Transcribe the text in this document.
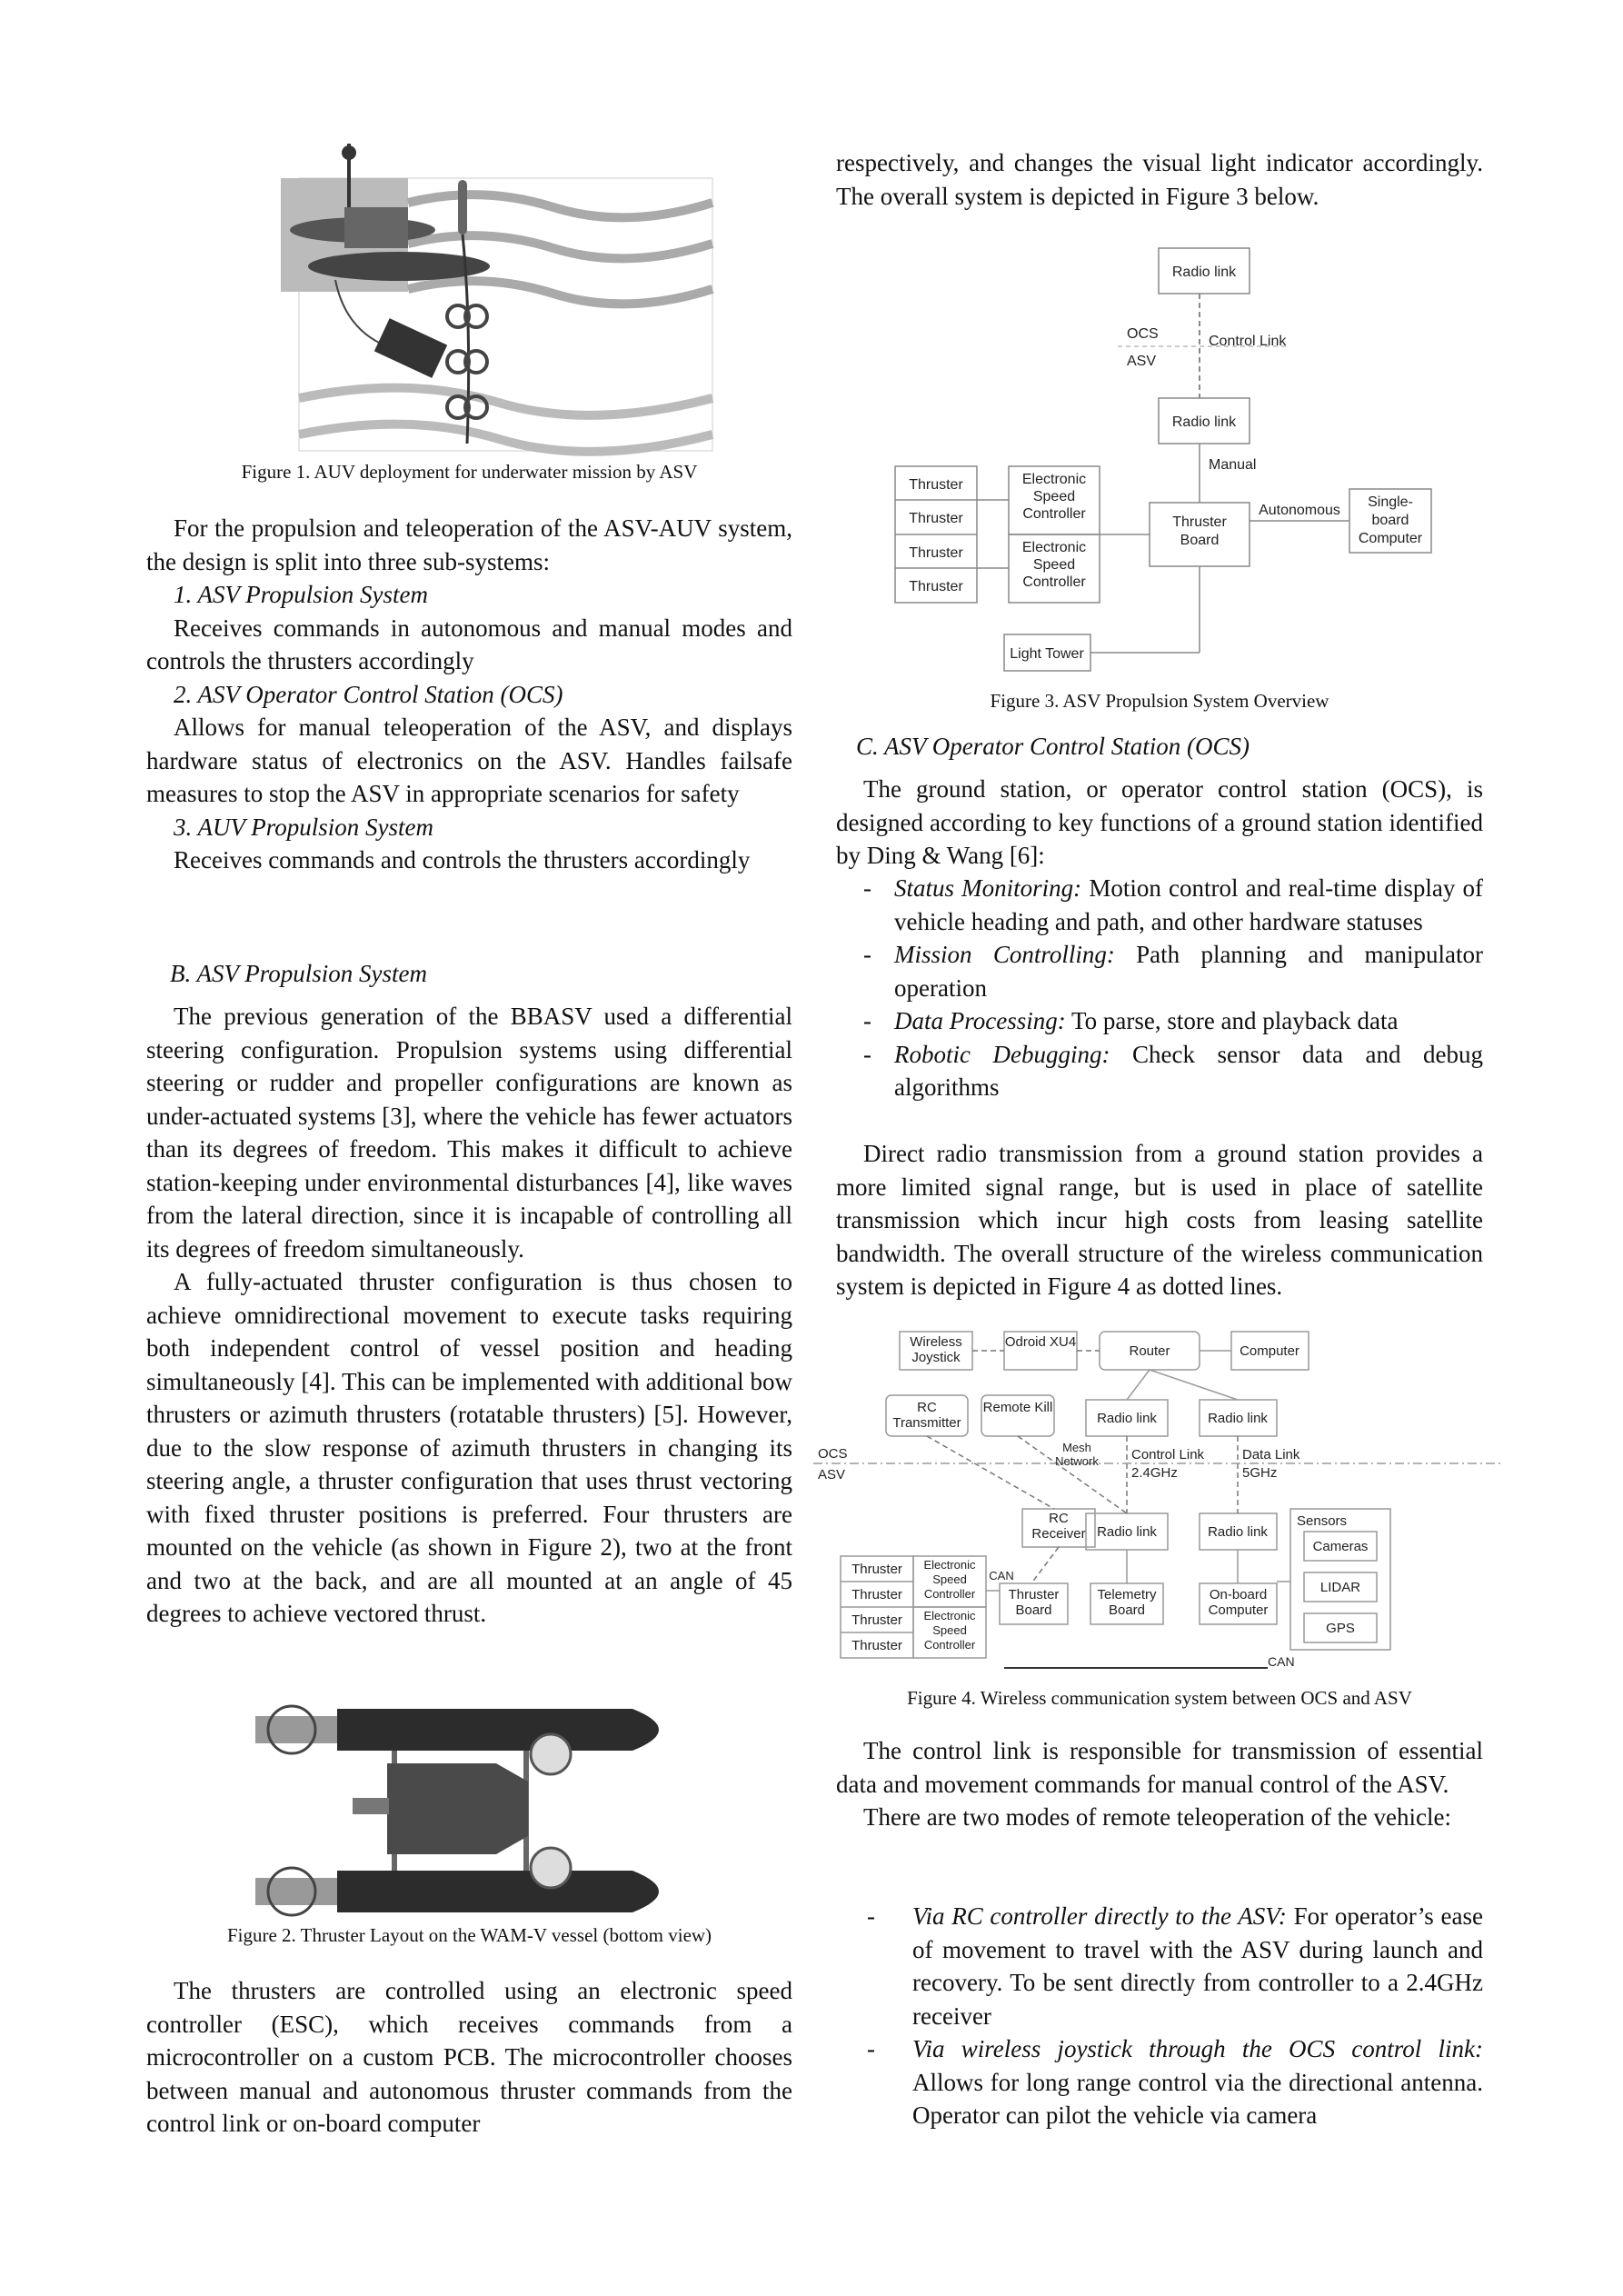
Figure 1. AUV deployment for underwater mission by ASV

For the propulsion and teleoperation of the ASV-AUV system, the design is split into three sub-systems:

1. ASV Propulsion System

Receives commands in autonomous and manual modes and controls the thrusters accordingly

2. ASV Operator Control Station (OCS)

Allows for manual teleoperation of the ASV, and displays hardware status of electronics on the ASV. Handles failsafe measures to stop the ASV in appropriate scenarios for safety

3. AUV Propulsion System

Receives commands and controls the thrusters accordingly

B. ASV Propulsion System

The previous generation of the BBASV used a differential steering configuration. Propulsion systems using differential steering or rudder and propeller configurations are known as under-actuated systems [3], where the vehicle has fewer actuators than its degrees of freedom. This makes it difficult to achieve station-keeping under environmental disturbances [4], like waves from the lateral direction, since it is incapable of controlling all its degrees of freedom simultaneously.

A fully-actuated thruster configuration is thus chosen to achieve omnidirectional movement to execute tasks requiring both independent control of vessel position and heading simultaneously [4]. This can be implemented with additional bow thrusters or azimuth thrusters (rotatable thrusters) [5]. However, due to the slow response of azimuth thrusters in changing its steering angle, a thruster configuration that uses thrust vectoring with fixed thruster positions is preferred. Four thrusters are mounted on the vehicle (as shown in Figure 2), two at the front and two at the back, and are all mounted at an angle of 45 degrees to achieve vectored thrust.

Figure 2. Thruster Layout on the WAM-V vessel (bottom view)

The thrusters are controlled using an electronic speed controller (ESC), which receives commands from a microcontroller on a custom PCB. The microcontroller chooses between manual and autonomous thruster commands from the control link or on-board computer

respectively, and changes the visual light indicator accordingly. The overall system is depicted in Figure 3 below.

Radio link
OCS
ASV
Control Link
Radio link
Manual
Thruster
Thruster
Thruster
Thruster
Electronic Speed Controller
Electronic Speed Controller
Thruster Board
Autonomous
Single-board Computer
Light Tower
Figure 3. ASV Propulsion System Overview
C. ASV Operator Control Station (OCS)

The ground station, or operator control station (OCS), is designed according to key functions of a ground station identified by Ding & Wang [6]:

- Status Monitoring: Motion control and real-time display of vehicle heading and path, and other hardware statuses
- Mission Controlling: Path planning and manipulator operation
- Data Processing: To parse, store and playback data
- Robotic Debugging: Check sensor data and debug algorithms

Direct radio transmission from a ground station provides a more limited signal range, but is used in place of satellite transmission which incur high costs from leasing satellite bandwidth. The overall structure of the wireless communication system is depicted in Figure 4 as dotted lines.

Wireless Joystick
Odroid XU4
Router	Computer
RC Transmitter
Remote Kill
Radio link	Radio link
Mesh Network
OCS
ASV
Control Link
2.4GHz
Data Link
5GHz
RC Receiver Radio link	Radio link
Sensors
Cameras
LIDAR
GPS
Thruster
Thruster
Thruster
Thruster
Electronic Speed Controller
Electronic Speed Controller
CAN
Thruster Board
Telemetry Board
On-board Computer
CAN
Figure 4. Wireless communication system between OCS and ASV

The control link is responsible for transmission of essential data and movement commands for manual control of the ASV.

There are two modes of remote teleoperation of the vehicle:

- Via RC controller directly to the ASV: For operator’s ease of movement to travel with the ASV during launch and recovery. To be sent directly from controller to a 2.4GHz receiver
- Via wireless joystick through the OCS control link: Allows for long range control via the directional antenna. Operator can pilot the vehicle via camera
